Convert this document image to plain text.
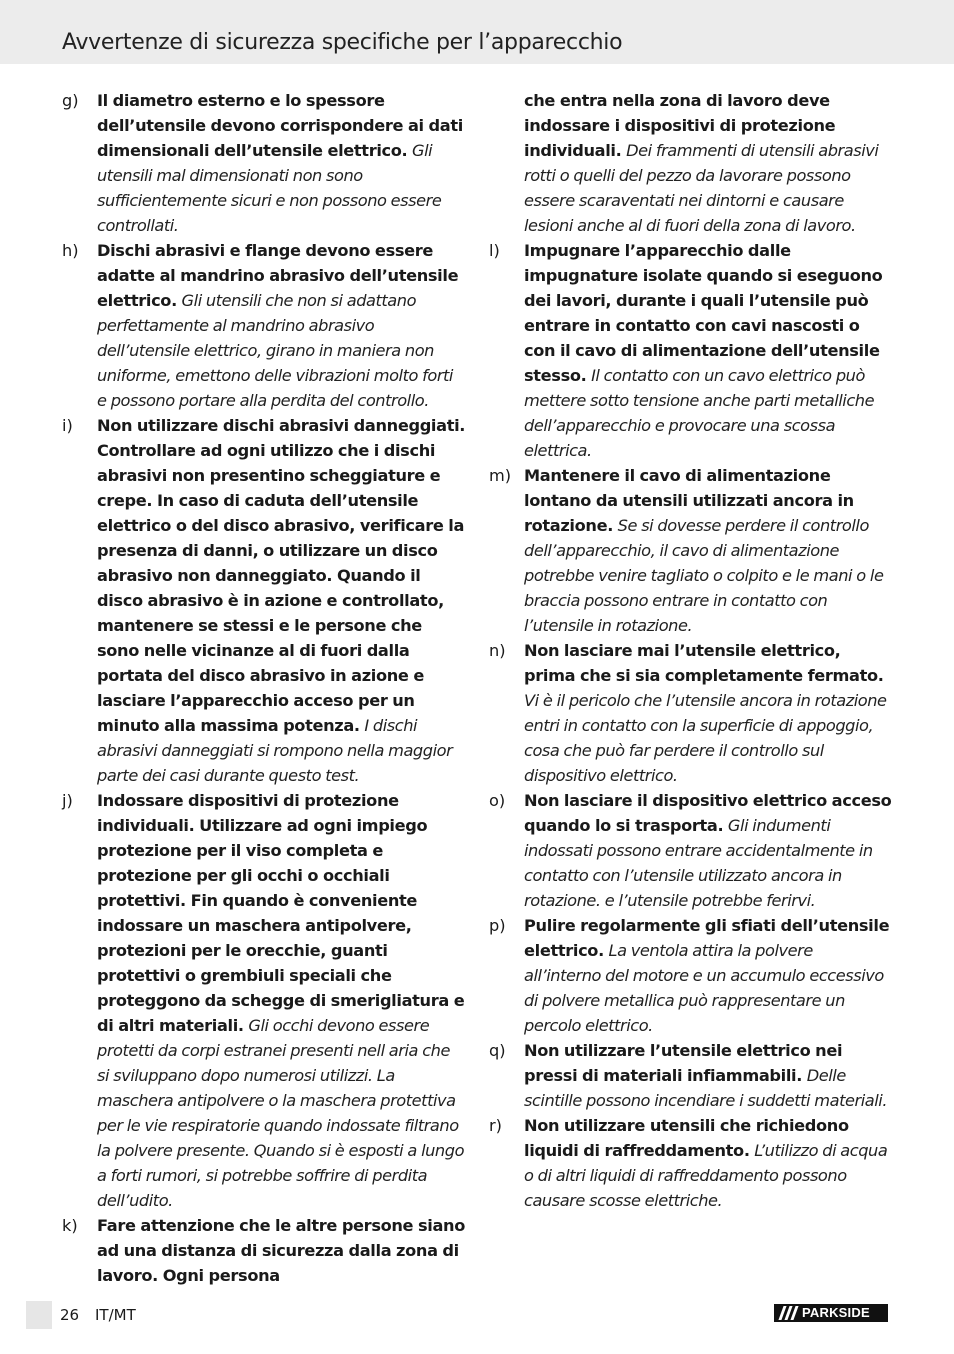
Avvertenze di sicurezza specifiche per l’apparecchio
g) Il diametro esterno e lo spessore dell’utensile devono corrispondere ai dati dimensionali dell’utensile elettrico. Gli utensili mal dimensionati non sono sufficientemente sicuri e non possono essere controllati.
h) Dischi abrasivi e flange devono essere adatte al mandrino abrasivo dell’utensile elettrico. Gli utensili che non si adattano perfettamente al mandrino abrasivo dell’utensile elettrico, girano in maniera non uniforme, emettono delle vibrazioni molto forti e possono portare alla perdita del controllo.
i) Non utilizzare dischi abrasivi danneggiati. Controllare ad ogni utilizzo che i dischi abrasivi non presentino scheggiature e crepe. In caso di caduta dell’utensile elettrico o del disco abrasivo, verificare la presenza di danni, o utilizzare un disco abrasivo non danneggiato. Quando il disco abrasivo è in azione e controllato, mantenere se stessi e le persone che sono nelle vicinanze al di fuori dalla portata del disco abrasivo in azione e lasciare l’apparecchio acceso per un minuto alla massima potenza. I dischi abrasivi danneggiati si rompono nella maggior parte dei casi durante questo test.
j) Indossare dispositivi di protezione individuali. Utilizzare ad ogni impiego protezione per il viso completa e protezione per gli occhi o occhiali protettivi. Fin quando è conveniente indossare un maschera antipolvere, protezioni per le orecchie, guanti protettivi o grembiuli speciali che proteggono da schegge di smerigliatura e di altri materiali. Gli occhi devono essere protetti da corpi estranei presenti nell aria che si sviluppano dopo numerosi utilizzi. La maschera antipolvere o la maschera protettiva per le vie respiratorie quando indossate filtrano la polvere presente. Quando si è esposti a lungo a forti rumori, si potrebbe soffrire di perdita dell’udito.
k) Fare attenzione che le altre persone siano ad una distanza di sicurezza dalla zona di lavoro. Ogni persona
che entra nella zona di lavoro deve indossare i dispositivi di protezione individuali. Dei frammenti di utensili abrasivi rotti o quelli del pezzo da lavorare possono essere scaraventati nei dintorni e causare lesioni anche al di fuori della zona di lavoro.
l) Impugnare l’apparecchio dalle impugnature isolate quando si eseguono dei lavori, durante i quali l’utensile può entrare in contatto con cavi nascosti o con il cavo di alimentazione dell’utensile stesso. Il contatto con un cavo elettrico può mettere sotto tensione anche parti metalliche dell’apparecchio e provocare una scossa elettrica.
m) Mantenere il cavo di alimentazione lontano da utensili utilizzati ancora in rotazione. Se si dovesse perdere il controllo dell’apparecchio, il cavo di alimentazione potrebbe venire tagliato o colpito e le mani o le braccia possono entrare in contatto con l’utensile in rotazione.
n) Non lasciare mai l’utensile elettrico, prima che si sia completamente fermato. Vi è il pericolo che l’utensile ancora in rotazione entri in contatto con la superficie di appoggio, cosa che può far perdere il controllo sul dispositivo elettrico.
o) Non lasciare il dispositivo elettrico acceso quando lo si trasporta. Gli indumenti indossati possono entrare accidentalmente in contatto con l’utensile utilizzato ancora in rotazione. e l’utensile potrebbe ferirvi.
p) Pulire regolarmente gli sfiati dell’utensile elettrico. La ventola attira la polvere all’interno del motore e un accumulo eccessivo di polvere metallica può rappresentare un percolo elettrico.
q) Non utilizzare l’utensile elettrico nei pressi di materiali infiammabili. Delle scintille possono incendiare i suddetti materiali.
r) Non utilizzare utensili che richiedono liquidi di raffreddamento. L’utilizzo di acqua o di altri liquidi di raffreddamento possono causare scosse elettriche.
26 IT/MT	PARKSIDE
